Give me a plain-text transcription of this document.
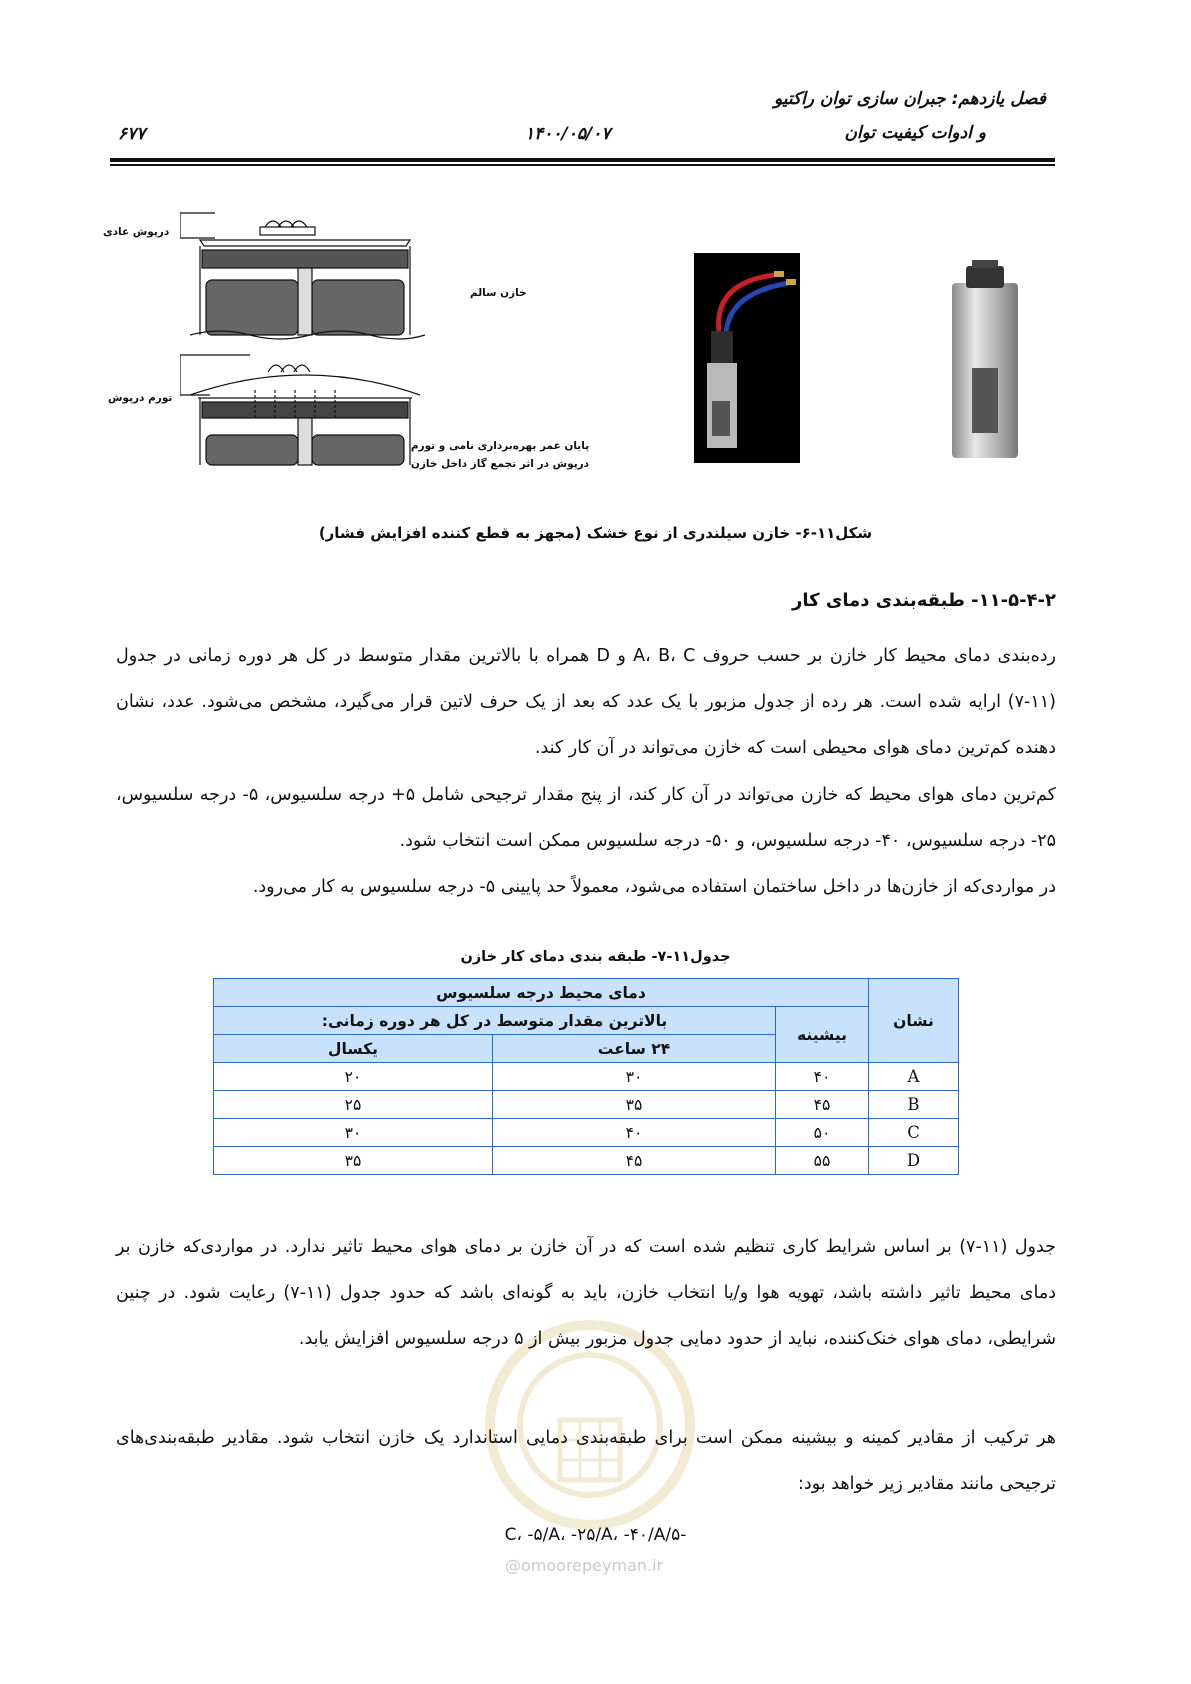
فصل یازدهم: جبران سازی توان راکتیو
و ادوات کیفیت توان
۱۴۰۰/۰۵/۰۷
۶۷۷
درپوش عادی
خازن سالم
تورم درپوش
پایان عمر بهره‌برداری نامی و تورم
درپوش در اثر تجمع گاز داخل خازن
شکل۱۱-۶- خازن سیلندری از نوع خشک (مجهز به قطع کننده افزایش فشار)
۱۱-۵-۴-۲- طبقه‌بندی دمای کار

رده‌بندی دمای محیط کار خازن بر حسب حروف A، B، C و D همراه با بالاترین مقدار متوسط در کل هر دوره زمانی در جدول (۱۱-۷) ارایه شده است. هر رده از جدول مزبور با یک عدد که بعد از یک حرف لاتین قرار می‌گیرد، مشخص می‌شود. عدد، نشان دهنده کم‌ترین دمای هوای محیطی است که خازن می‌تواند در آن کار کند.

کم‌ترین دمای هوای محیط که خازن می‌تواند در آن کار کند، از پنج مقدار ترجیحی شامل ۵+ درجه سلسیوس، ۵- درجه سلسیوس، ۲۵- درجه سلسیوس، ۴۰- درجه سلسیوس، و ۵۰- درجه سلسیوس ممکن است انتخاب شود.

در مواردی‌که از خازن‌ها در داخل ساختمان استفاده می‌شود، معمولاً حد پایینی ۵- درجه سلسیوس به کار می‌رود.

جدول۱۱-۷- طبقه بندی دمای کار خازن
نشان	دمای محیط درجه سلسیوس		
	بیشینه	بالاترین مقدار متوسط در کل هر دوره زمانی:	
		۲۴ ساعت	یکسال
A	۴۰	۳۰	۲۰
B	۴۵	۳۵	۲۵
C	۵۰	۴۰	۳۰
D	۵۵	۴۵	۳۵

جدول (۱۱-۷) بر اساس شرایط کاری تنظیم شده است که در آن خازن بر دمای هوای محیط تاثیر ندارد. در مواردی‌که خازن بر دمای محیط تاثیر داشته باشد، تهویه هوا و/یا انتخاب خازن، باید به گونه‌ای باشد که حدود جدول (۱۱-۷) رعایت شود. در چنین شرایطی، دمای هوای خنک‌کننده، نباید از حدود دمایی جدول مزبور بیش از ۵ درجه سلسیوس افزایش یابد.

هر ترکیب از مقادیر کمینه و بیشینه ممکن است برای طبقه‌بندی دمایی استاندارد یک خازن انتخاب شود. مقادیر طبقه‌بندی‌های ترجیحی مانند مقادیر زیر خواهد بود:

-۵/C، -۵/A، -۲۵/A، -۴۰/A
@omoorepeyman.ir
